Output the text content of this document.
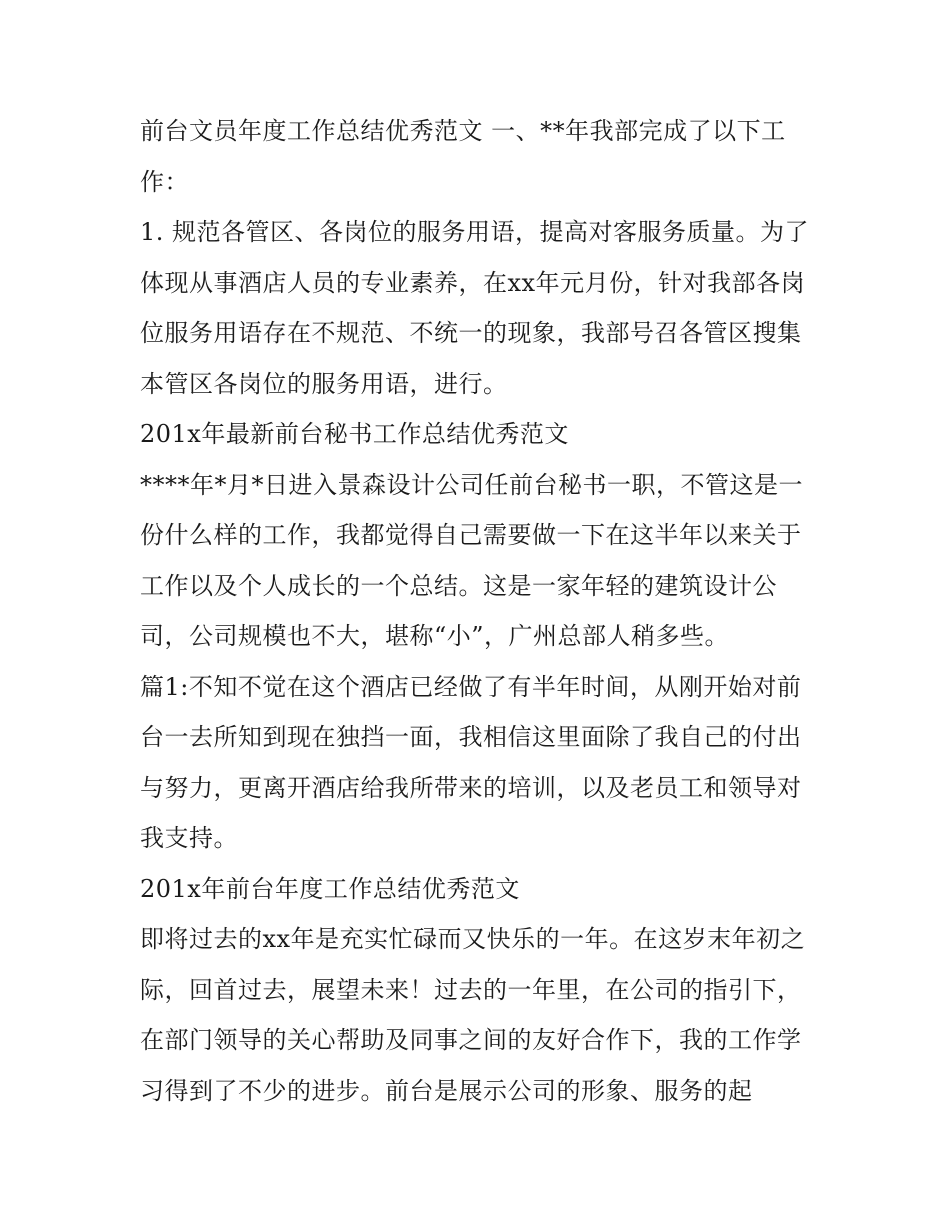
前台文员年度工作总结优秀范文 一、**年我部完成了以下工作：

1. 规范各管区、各岗位的服务用语，提高对客服务质量。为了体现从事酒店人员的专业素养，在xx年元月份，针对我部各岗位服务用语存在不规范、不统一的现象，我部号召各管区搜集本管区各岗位的服务用语，进行。

201x年最新前台秘书工作总结优秀范文

****年*月*日进入景森设计公司任前台秘书一职，不管这是一份什么样的工作，我都觉得自己需要做一下在这半年以来关于工作以及个人成长的一个总结。这是一家年轻的建筑设计公司，公司规模也不大，堪称“小”，广州总部人稍多些。

篇1:不知不觉在这个酒店已经做了有半年时间，从刚开始对前台一去所知到现在独挡一面，我相信这里面除了我自己的付出与努力，更离开酒店给我所带来的培训，以及老员工和领导对我支持。

201x年前台年度工作总结优秀范文

即将过去的xx年是充实忙碌而又快乐的一年。在这岁末年初之际，回首过去，展望未来！过去的一年里，在公司的指引下，在部门领导的关心帮助及同事之间的友好合作下，我的工作学习得到了不少的进步。前台是展示公司的形象、服务的起
